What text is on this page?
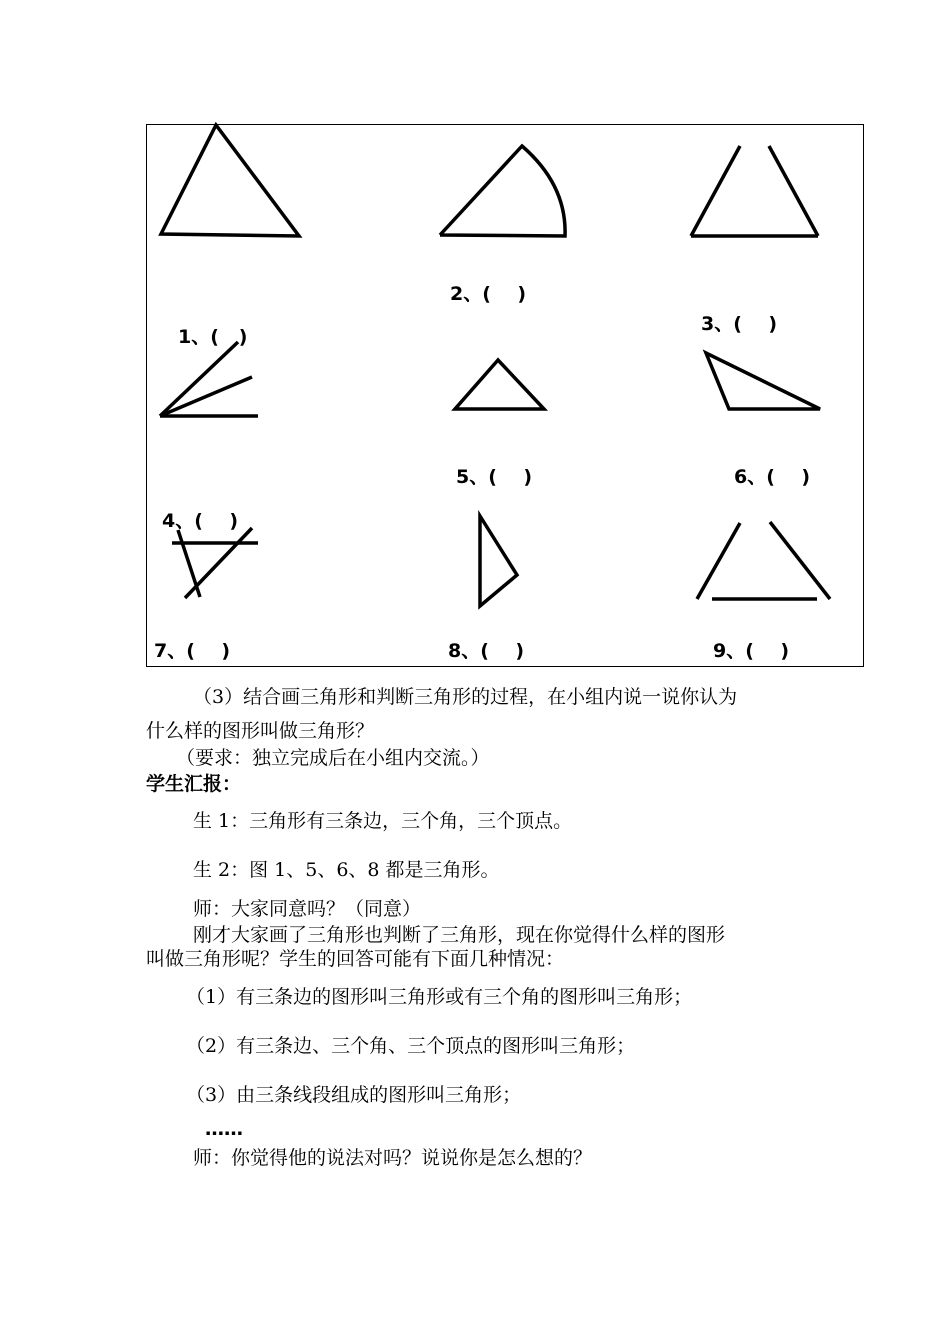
1、(   )
2、(    )
3、(    )
4、(    )
5、(    )	6、(    )
7、(    )	8、(    )	9、(    )
（3）结合画三角形和判断三角形的过程，在小组内说一说你认为
什么样的图形叫做三角形？
（要求：独立完成后在小组内交流。）
学生汇报：
生 1：三角形有三条边，三个角，三个顶点。
生 2：图 1、5、6、8 都是三角形。
师：大家同意吗？（同意）
刚才大家画了三角形也判断了三角形，现在你觉得什么样的图形
叫做三角形呢？学生的回答可能有下面几种情况：
（1）有三条边的图形叫三角形或有三个角的图形叫三角形；
（2）有三条边、三个角、三个顶点的图形叫三角形；
（3）由三条线段组成的图形叫三角形；
……
师：你觉得他的说法对吗？说说你是怎么想的？
